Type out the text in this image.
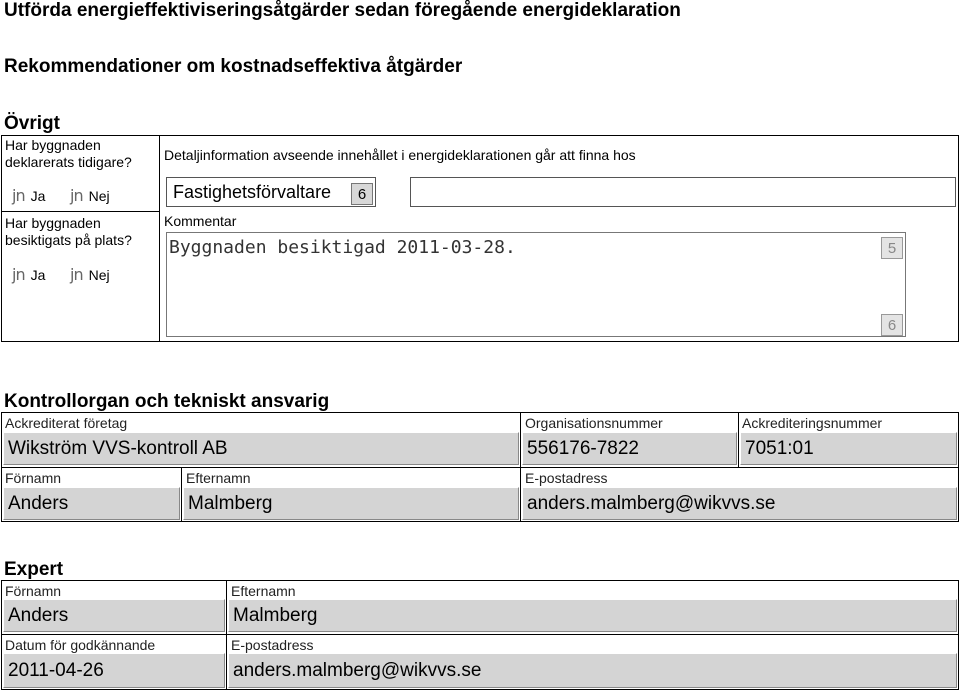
Utförda energieffektiviseringsåtgärder sedan föregående energideklaration
Rekommendationer om kostnadseffektiva åtgärder
Övrigt
Har byggnaden deklarerats tidigare?
jn Ja jn Nej
Har byggnaden besiktigats på plats?
jn Ja jn Nej
Detaljinformation avseende innehållet i energideklarationen går att finna hos
Fastighetsförvaltare	6
Kommentar
Byggnaden besiktigad 2011-03-28.	5
6
Kontrollorgan och tekniskt ansvarig
Ackrediterat företag
Wikström VVS-kontroll AB
Organisationsnummer
556176-7822
Ackrediteringsnummer
7051:01
Förnamn
Anders
Efternamn
Malmberg
E-postadress
anders.malmberg@wikvvs.se
Expert
Förnamn
Anders
Efternamn
Malmberg
Datum för godkännande
2011-04-26
E-postadress
anders.malmberg@wikvvs.se
